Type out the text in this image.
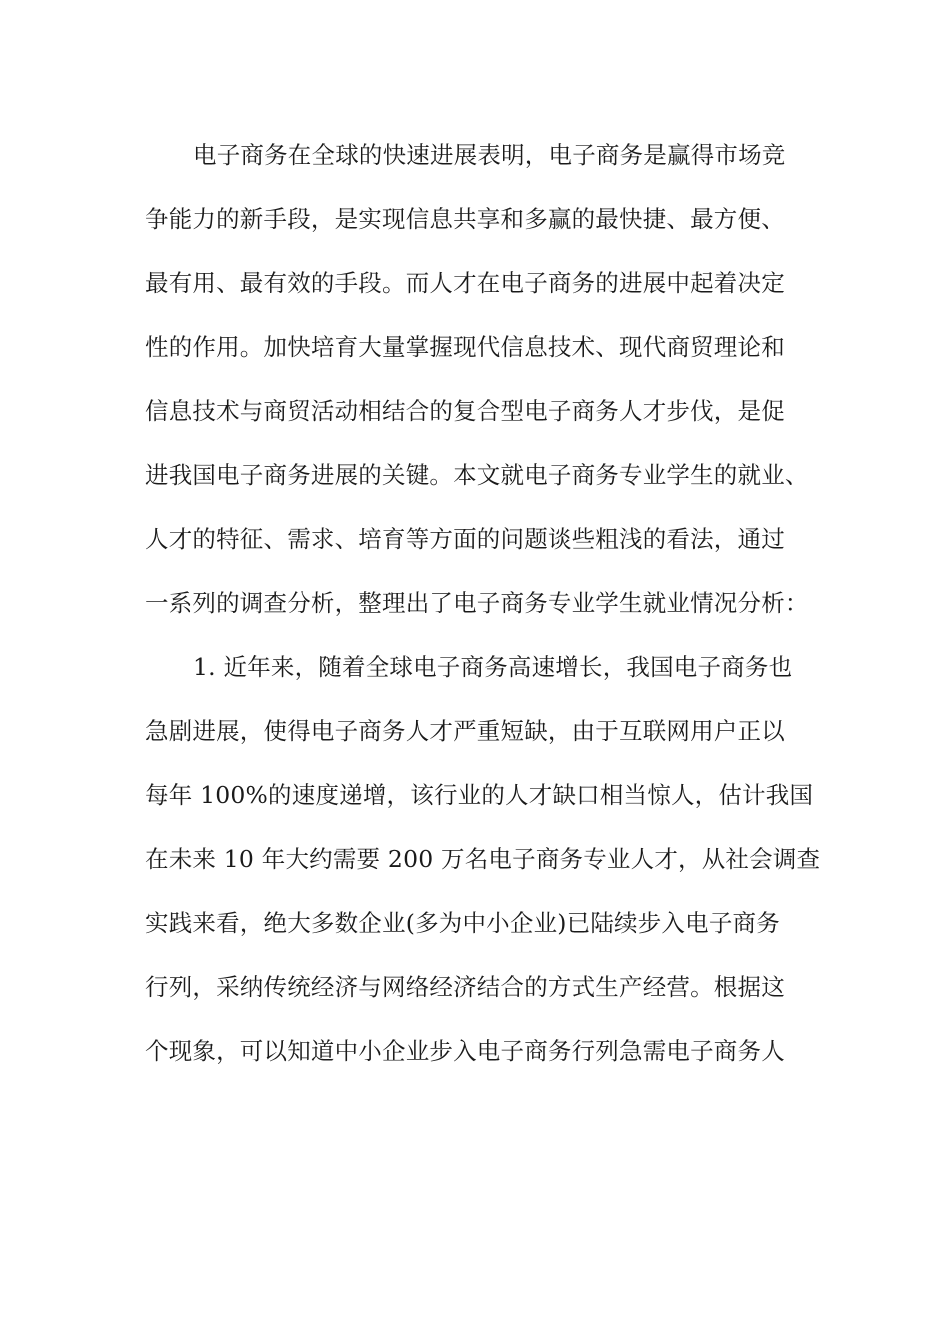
电子商务在全球的快速进展表明，电子商务是赢得市场竞
争能力的新手段，是实现信息共享和多赢的最快捷、最方便、
最有用、最有效的手段。而人才在电子商务的进展中起着决定
性的作用。加快培育大量掌握现代信息技术、现代商贸理论和
信息技术与商贸活动相结合的复合型电子商务人才步伐，是促
进我国电子商务进展的关键。本文就电子商务专业学生的就业、
人才的特征、需求、培育等方面的问题谈些粗浅的看法，通过
一系列的调查分析，整理出了电子商务专业学生就业情况分析：
1. 近年来，随着全球电子商务高速增长，我国电子商务也
急剧进展，使得电子商务人才严重短缺，由于互联网用户正以
每年 100%的速度递增，该行业的人才缺口相当惊人，估计我国
在未来 10 年大约需要 200 万名电子商务专业人才，从社会调查
实践来看，绝大多数企业(多为中小企业)已陆续步入电子商务
行列，采纳传统经济与网络经济结合的方式生产经营。根据这
个现象，可以知道中小企业步入电子商务行列急需电子商务人
